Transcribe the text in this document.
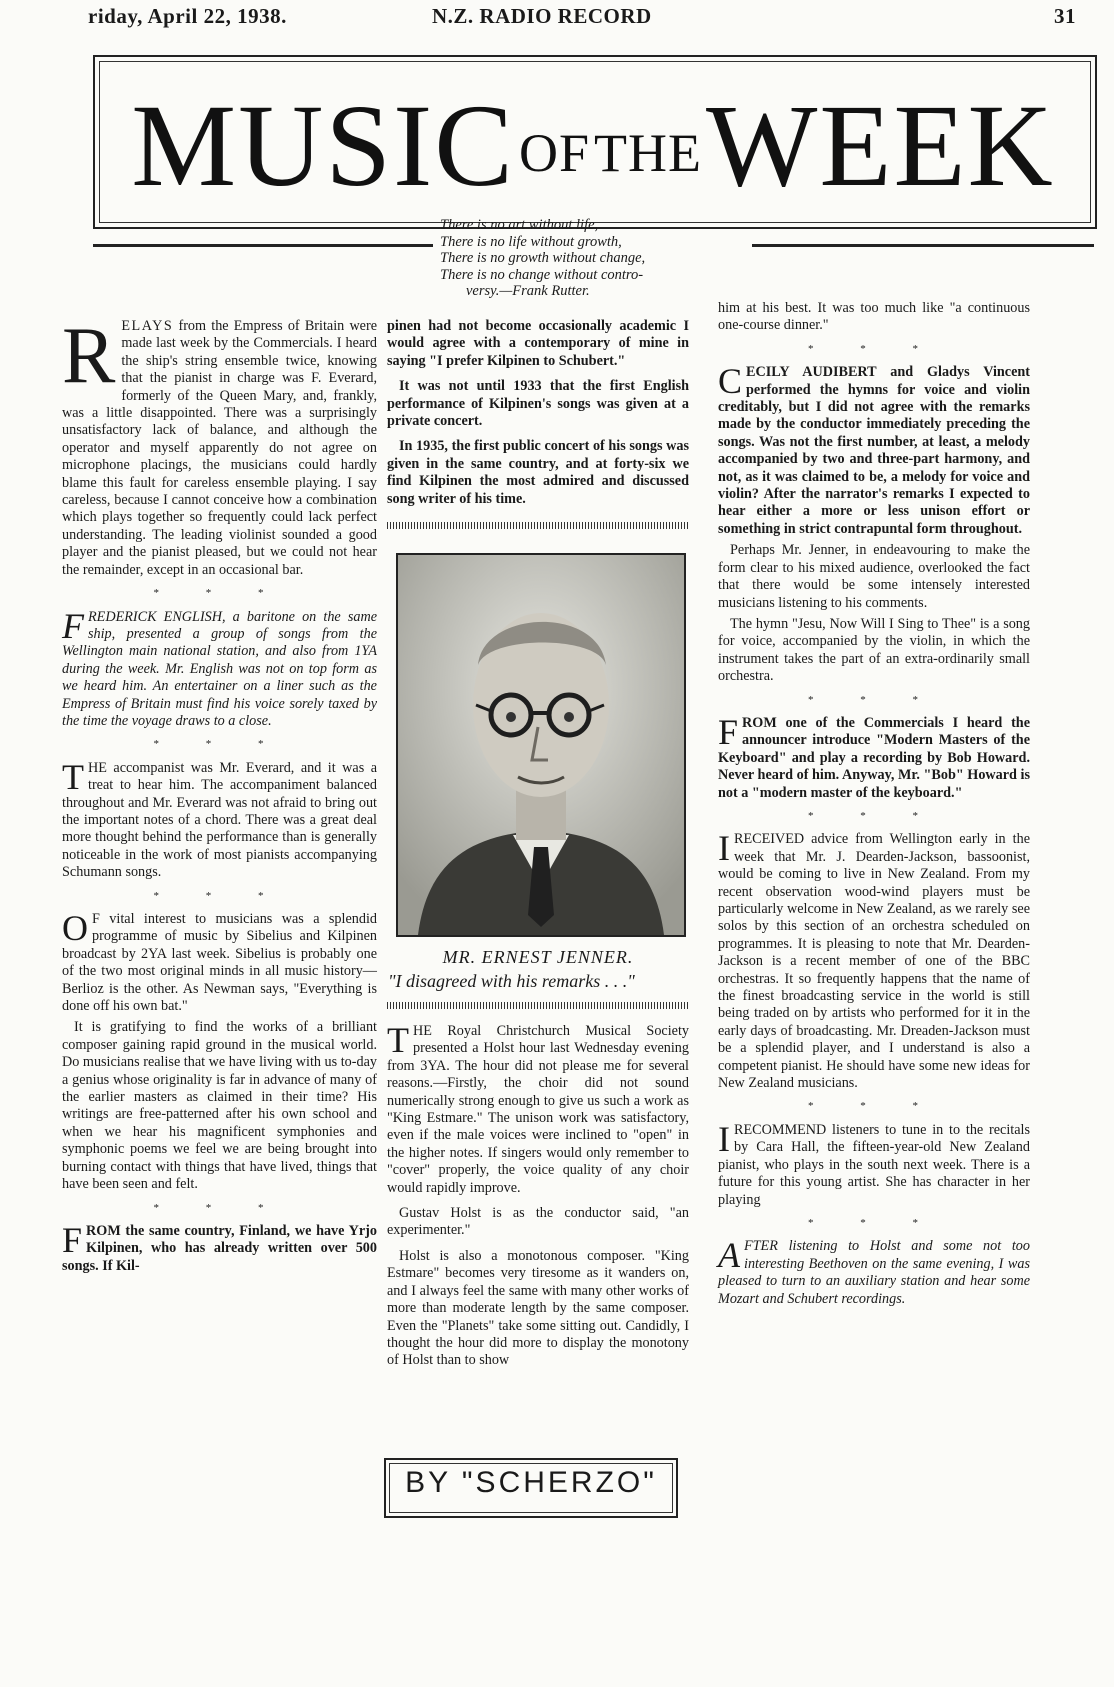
riday, April 22, 1938.	N.Z. RADIO RECORD	31
MUSIC OF THE WEEK
There is no art without life,
There is no life without growth,
There is no growth without change,
There is no change without contro-
versy.—Frank Rutter.

RELAYS from the Empress of Britain were made last week by the Commercials. I heard the ship's string ensemble twice, knowing that the pianist in charge was F. Everard, formerly of the Queen Mary, and, frankly, was a little disappointed. There was a surprisingly unsatisfactory lack of balance, and although the operator and myself apparently do not agree on microphone placings, the musicians could hardly blame this fault for careless ensemble playing. I say careless, because I cannot conceive how a combination which plays together so frequently could lack perfect understanding. The leading violinist sounded a good player and the pianist pleased, but we could not hear the remainder, except in an occasional bar.

* * *

FREDERICK ENGLISH, a baritone on the same ship, presented a group of songs from the Wellington main national station, and also from 1YA during the week. Mr. English was not on top form as we heard him. An entertainer on a liner such as the Empress of Britain must find his voice sorely taxed by the time the voyage draws to a close.

* * *

THE accompanist was Mr. Everard, and it was a treat to hear him. The accompaniment balanced throughout and Mr. Everard was not afraid to bring out the important notes of a chord. There was a great deal more thought behind the performance than is generally noticeable in the work of most pianists accompanying Schumann songs.

* * *

O F vital interest to musicians was a splendid programme of music by Sibelius and Kilpinen broadcast by 2YA last week. Sibelius is probably one of the two most original minds in all music history—Berlioz is the other. As Newman says, "Everything is done off his own bat."

It is gratifying to find the works of a brilliant composer gaining rapid ground in the musical world. Do musicians realise that we have living with us to-day a genius whose originality is far in advance of many of the earlier masters as claimed in their time? His writings are free-patterned after his own school and when we hear his magnificent symphonies and symphonic poems we feel we are being brought into burning contact with things that have lived, things that have been seen and felt.

* * *

FROM the same country, Finland, we have Yrjo Kilpinen, who has already written over 500 songs. If Kil-

pinen had not become occasionally academic I would agree with a contemporary of mine in saying "I prefer Kilpinen to Schubert."

It was not until 1933 that the first English performance of Kilpinen's songs was given at a private concert.

In 1935, the first public concert of his songs was given in the same country, and at forty-six we find Kilpinen the most admired and discussed song writer of his time.

MR. ERNEST JENNER.
"I disagreed with his remarks . . ."

THE Royal Christchurch Musical Society presented a Holst hour last Wednesday evening from 3YA. The hour did not please me for several reasons.—Firstly, the choir did not sound numerically strong enough to give us such a work as "King Estmare." The unison work was satisfactory, even if the male voices were inclined to "open" in the higher notes. If singers would only remember to "cover" properly, the voice quality of any choir would rapidly improve.

Gustav Holst is as the conductor said, "an experimenter."

Holst is also a monotonous composer. "King Estmare" becomes very tiresome as it wanders on, and I always feel the same with many other works of more than moderate length by the same composer. Even the "Planets" take some sitting out. Candidly, I thought the hour did more to display the monotony of Holst than to show

BY "SCHERZO"

him at his best. It was too much like "a continuous one-course dinner."

* * *

CECILY AUDIBERT and Gladys Vincent performed the hymns for voice and violin creditably, but I did not agree with the remarks made by the conductor immediately preceding the songs. Was not the first number, at least, a melody accompanied by two and three-part harmony, and not, as it was claimed to be, a melody for voice and violin? After the narrator's remarks I expected to hear either a more or less unison effort or something in strict contrapuntal form throughout.

Perhaps Mr. Jenner, in endeavouring to make the form clear to his mixed audience, overlooked the fact that there would be some intensely interested musicians listening to his comments.

The hymn "Jesu, Now Will I Sing to Thee" is a song for voice, accompanied by the violin, in which the instrument takes the part of an extra-ordinarily small orchestra.

* * *

FROM one of the Commercials I heard the announcer introduce "Modern Masters of the Keyboard" and play a recording by Bob Howard. Never heard of him. Anyway, Mr. "Bob" Howard is not a "modern master of the keyboard."

* * *

IRECEIVED advice from Wellington early in the week that Mr. J. Dearden-Jackson, bassoonist, would be coming to live in New Zealand. From my recent observation wood-wind players must be particularly welcome in New Zealand, as we rarely see solos by this section of an orchestra scheduled on programmes. It is pleasing to note that Mr. Dearden-Jackson is a recent member of one of the BBC orchestras. It so frequently happens that the name of the finest broadcasting service in the world is still being traded on by artists who performed for it in the early days of broadcasting. Mr. Dreaden-Jackson must be a splendid player, and I understand is also a competent pianist. He should have some new ideas for New Zealand musicians.

* * *

IRECOMMEND listeners to tune in to the recitals by Cara Hall, the fifteen-year-old New Zealand pianist, who plays in the south next week. There is a future for this young artist. She has character in her playing

* * *

AFTER listening to Holst and some not too interesting Beethoven on the same evening, I was pleased to turn to an auxiliary station and hear some Mozart and Schubert recordings.
